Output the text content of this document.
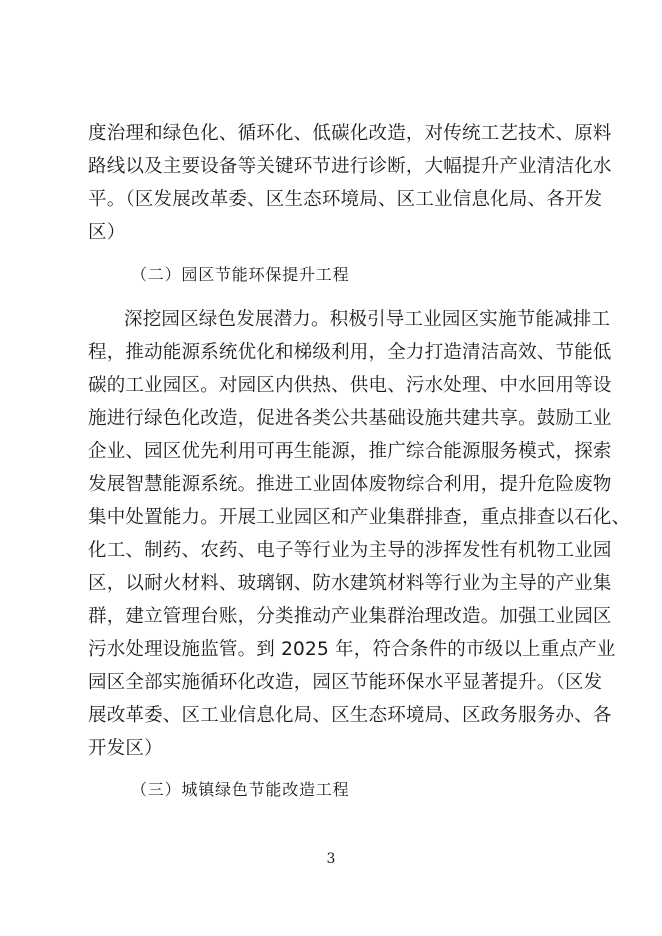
度治理和绿色化、循环化、低碳化改造，对传统工艺技术、原料
路线以及主要设备等关键环节进行诊断，大幅提升产业清洁化水
平。（区发展改革委、区生态环境局、区工业信息化局、各开发
区）
（二）园区节能环保提升工程
深挖园区绿色发展潜力。积极引导工业园区实施节能减排工
程，推动能源系统优化和梯级利用，全力打造清洁高效、节能低
碳的工业园区。对园区内供热、供电、污水处理、中水回用等设
施进行绿色化改造，促进各类公共基础设施共建共享。鼓励工业
企业、园区优先利用可再生能源，推广综合能源服务模式，探索
发展智慧能源系统。推进工业固体废物综合利用，提升危险废物
集中处置能力。开展工业园区和产业集群排查，重点排查以石化、
化工、制药、农药、电子等行业为主导的涉挥发性有机物工业园
区，以耐火材料、玻璃钢、防水建筑材料等行业为主导的产业集
群，建立管理台账，分类推动产业集群治理改造。加强工业园区
污水处理设施监管。到 2025 年，符合条件的市级以上重点产业
园区全部实施循环化改造，园区节能环保水平显著提升。（区发
展改革委、区工业信息化局、区生态环境局、区政务服务办、各
开发区）
（三）城镇绿色节能改造工程
3
